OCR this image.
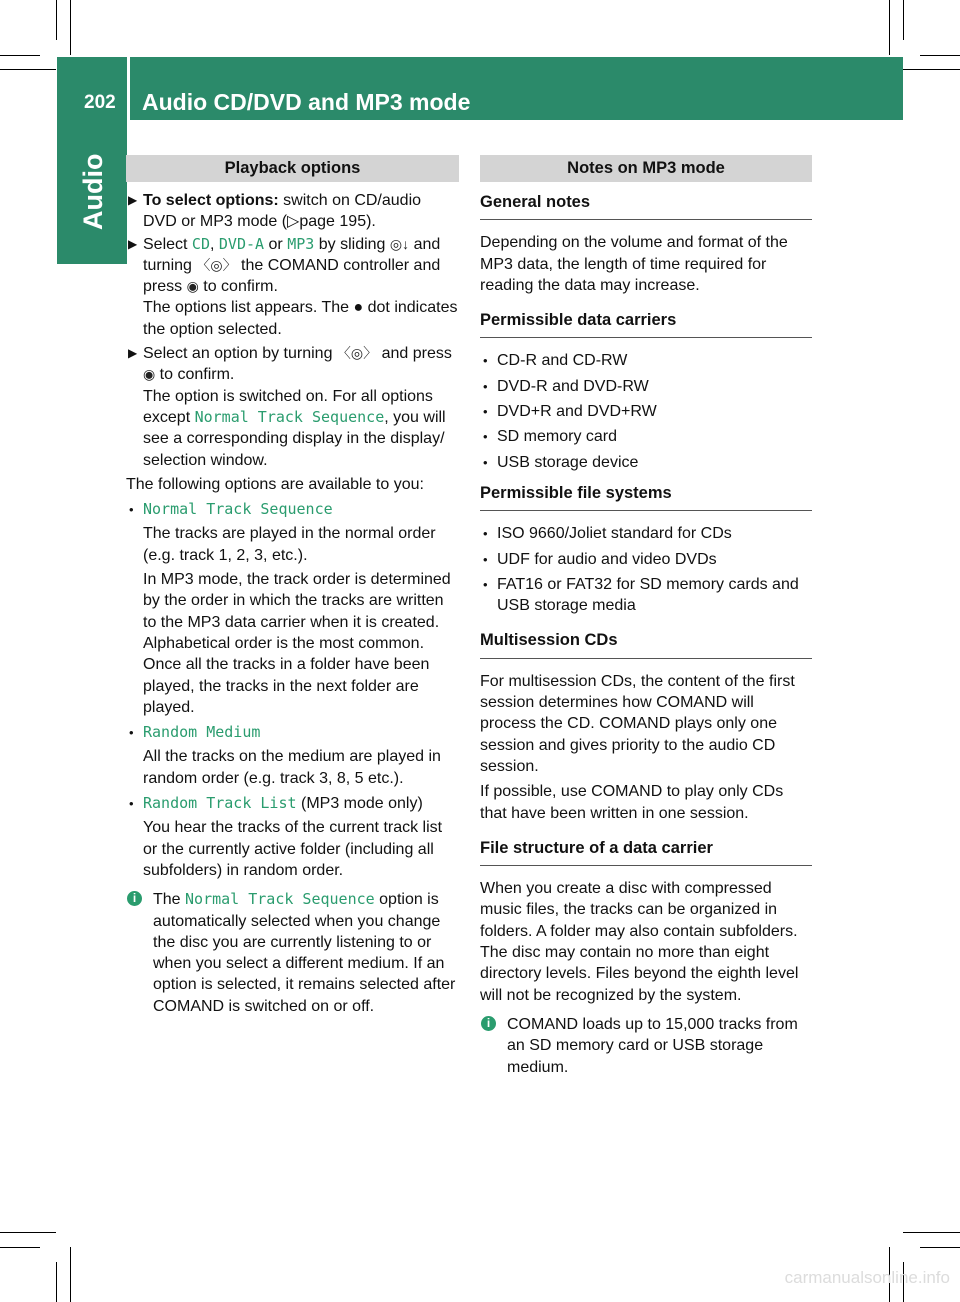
202 Audio CD/DVD and MP3 mode
Audio	Playback options
▶ To select options: switch on CD/audio DVD or MP3 mode (▷page 195).
▶ Select CD, DVD-A or MP3 by sliding ◎↓ and turning 〈◎〉 the COMAND controller and press ◉ to confirm.
The options list appears. The ● dot indicates the option selected.
▶ Select an option by turning 〈◎〉 and press ◉ to confirm.
The option is switched on. For all options except Normal Track Sequence, you will see a corresponding display in the display/ selection window.
The following options are available to you:
• Normal Track Sequence
The tracks are played in the normal order (e.g. track 1, 2, 3, etc.).
In MP3 mode, the track order is determined by the order in which the tracks are written to the MP3 data carrier when it is created. Alphabetical order is the most common. Once all the tracks in a folder have been played, the tracks in the next folder are played.
• Random Medium
All the tracks on the medium are played in random order (e.g. track 3, 8, 5 etc.).
• Random Track List (MP3 mode only)
You hear the tracks of the current track list or the currently active folder (including all subfolders) in random order.
i	The Normal Track Sequence option is automatically selected when you change the disc you are currently listening to or when you select a different medium. If an option is selected, it remains selected after COMAND is switched on or off.
Notes on MP3 mode
General notes
Depending on the volume and format of the MP3 data, the length of time required for reading the data may increase.
Permissible data carriers
• CD-R and CD-RW
• DVD-R and DVD-RW
• DVD+R and DVD+RW
• SD memory card
• USB storage device
Permissible file systems
• ISO 9660/Joliet standard for CDs
• UDF for audio and video DVDs
• FAT16 or FAT32 for SD memory cards and USB storage media
Multisession CDs
For multisession CDs, the content of the first session determines how COMAND will process the CD. COMAND plays only one session and gives priority to the audio CD session.
If possible, use COMAND to play only CDs that have been written in one session.
File structure of a data carrier
When you create a disc with compressed music files, the tracks can be organized in folders. A folder may also contain subfolders. The disc may contain no more than eight directory levels. Files beyond the eighth level will not be recognized by the system.
i	COMAND loads up to 15,000 tracks from an SD memory card or USB storage medium.
carmanualsonline.info
